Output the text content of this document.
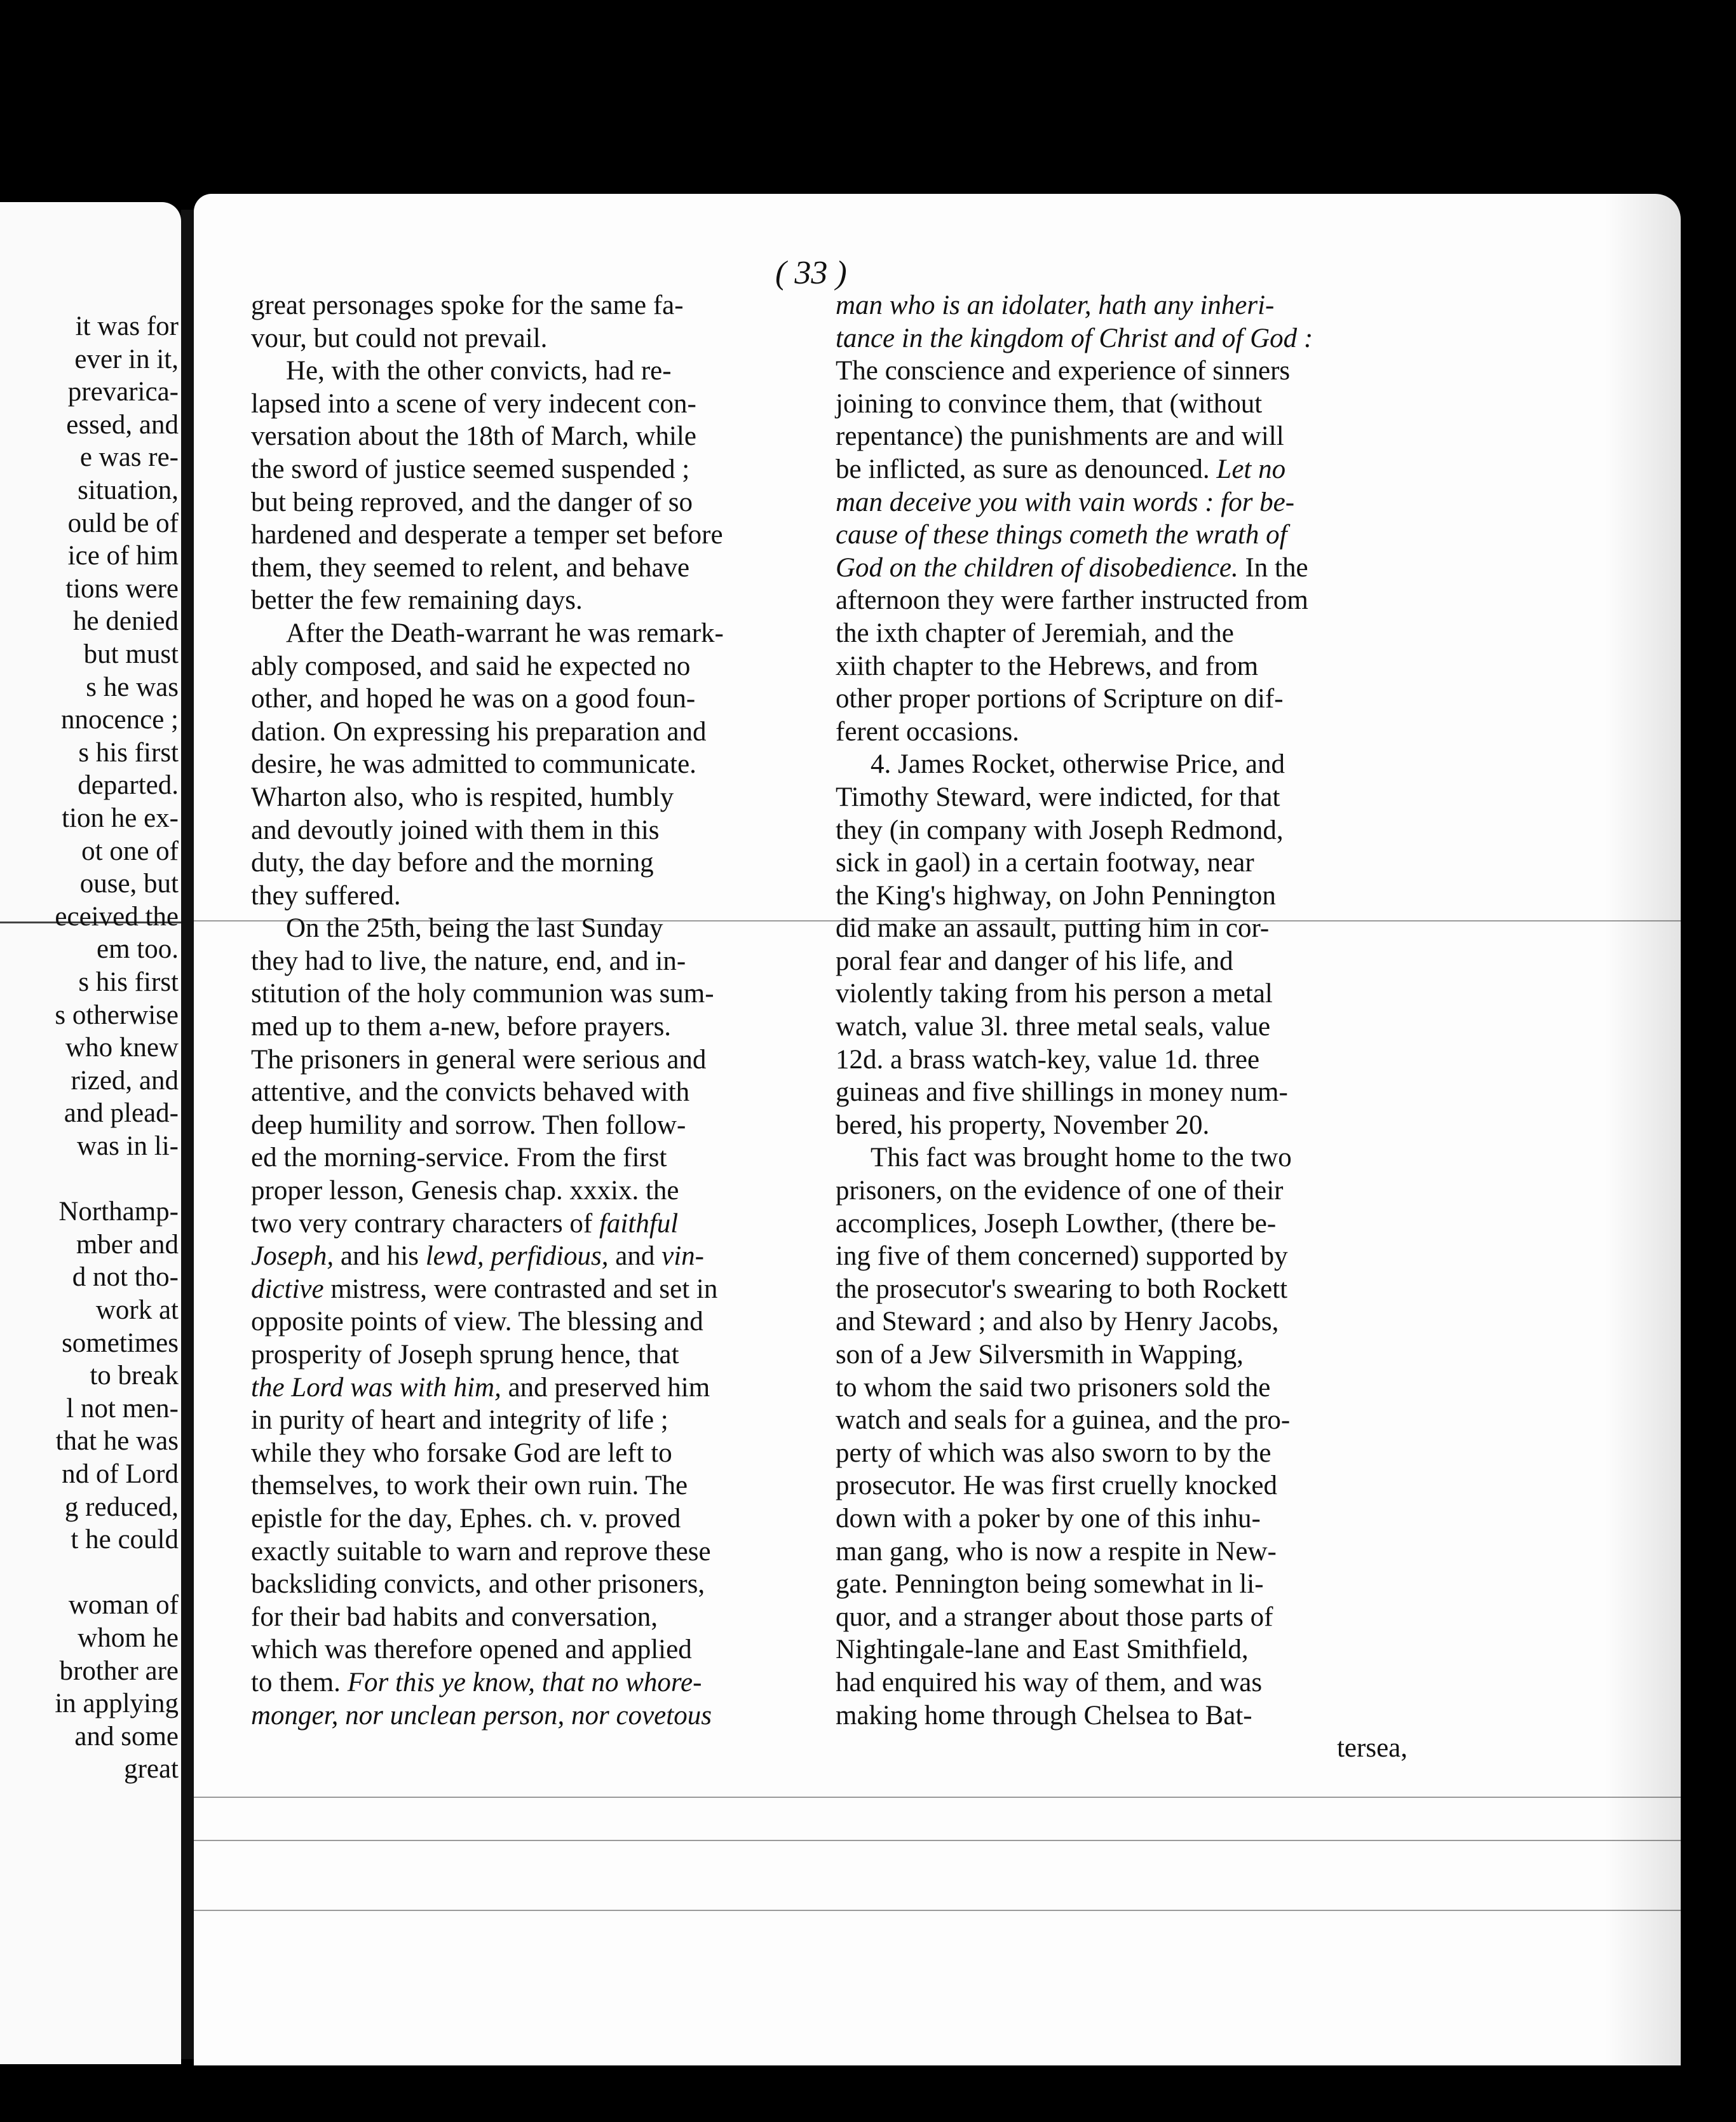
it was for
ever in it,
prevarica-
essed, and
e was re-
situation,
ould be of
ice of him
tions were
he denied
but must
s he was
nnocence ;
s his first
departed.
tion he ex-
ot one of
ouse, but
eceived the
em too.
s his first
s otherwise
who knew
rized, and
and plead-
was in li-
Northamp-
mber and
d not tho-
work at
sometimes
to break
l not men-
that he was
nd of Lord
g reduced,
t he could
woman of
whom he
brother are
in applying
and some
great
( 33 )
great personages spoke for the same fa-
vour, but could not prevail.
He, with the other convicts, had re-
lapsed into a scene of very indecent con-
versation about the 18th of March, while
the sword of justice seemed suspended ;
but being reproved, and the danger of so
hardened and desperate a temper set before
them, they seemed to relent, and behave
better the few remaining days.
After the Death-warrant he was remark-
ably composed, and said he expected no
other, and hoped he was on a good foun-
dation. On expressing his preparation and
desire, he was admitted to communicate.
Wharton also, who is respited, humbly
and devoutly joined with them in this
duty, the day before and the morning
they suffered.
On the 25th, being the last Sunday
they had to live, the nature, end, and in-
stitution of the holy communion was sum-
med up to them a-new, before prayers.
The prisoners in general were serious and
attentive, and the convicts behaved with
deep humility and sorrow. Then follow-
ed the morning-service. From the first
proper lesson, Genesis chap. xxxix. the
two very contrary characters of faithful
Joseph, and his lewd, perfidious, and vin-
dictive mistress, were contrasted and set in
opposite points of view. The blessing and
prosperity of Joseph sprung hence, that
the Lord was with him, and preserved him
in purity of heart and integrity of life ;
while they who forsake God are left to
themselves, to work their own ruin. The
epistle for the day, Ephes. ch. v. proved
exactly suitable to warn and reprove these
backsliding convicts, and other prisoners,
for their bad habits and conversation,
which was therefore opened and applied
to them. For this ye know, that no whore-
monger, nor unclean person, nor covetous
man who is an idolater, hath any inheri-
tance in the kingdom of Christ and of God :
The conscience and experience of sinners
joining to convince them, that (without
repentance) the punishments are and will
be inflicted, as sure as denounced. Let no
man deceive you with vain words : for be-
cause of these things cometh the wrath of
God on the children of disobedience. In the
afternoon they were farther instructed from
the ixth chapter of Jeremiah, and the
xiith chapter to the Hebrews, and from
other proper portions of Scripture on dif-
ferent occasions.
4. James Rocket, otherwise Price, and
Timothy Steward, were indicted, for that
they (in company with Joseph Redmond,
sick in gaol) in a certain footway, near
the King's highway, on John Pennington
did make an assault, putting him in cor-
poral fear and danger of his life, and
violently taking from his person a metal
watch, value 3l. three metal seals, value
12d. a brass watch-key, value 1d. three
guineas and five shillings in money num-
bered, his property, November 20.
This fact was brought home to the two
prisoners, on the evidence of one of their
accomplices, Joseph Lowther, (there be-
ing five of them concerned) supported by
the prosecutor's swearing to both Rockett
and Steward ; and also by Henry Jacobs,
son of a Jew Silversmith in Wapping,
to whom the said two prisoners sold the
watch and seals for a guinea, and the pro-
perty of which was also sworn to by the
prosecutor. He was first cruelly knocked
down with a poker by one of this inhu-
man gang, who is now a respite in New-
gate. Pennington being somewhat in li-
quor, and a stranger about those parts of
Nightingale-lane and East Smithfield,
had enquired his way of them, and was
making home through Chelsea to Bat-
tersea,
